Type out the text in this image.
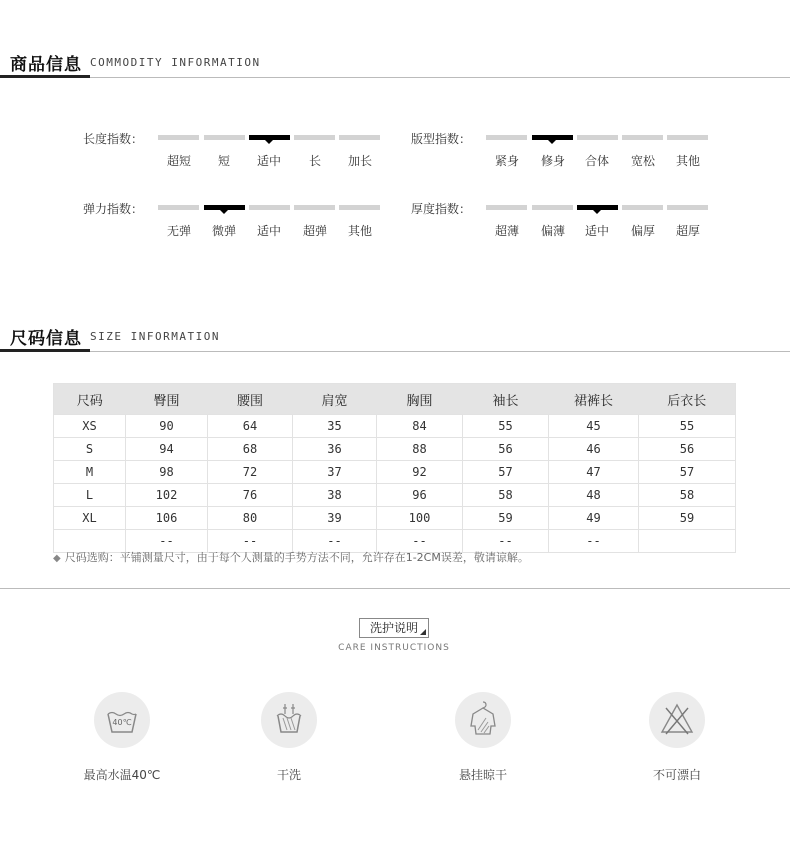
商品信息 COMMODITY INFORMATION
长度指数：
超短	短	适中	长	加长
版型指数：
紧身	修身	合体	宽松	其他
弹力指数：
无弹	微弹	适中	超弹	其他
厚度指数：
超薄	偏薄	适中	偏厚	超厚
尺码信息 SIZE INFORMATION
尺码	臀围	腰围	肩宽	胸围	袖长	裙裤长	后衣长
XS	90	64	35	84	55	45	55
S	94	68	36	88	56	46	56
M	98	72	37	92	57	47	57
L	102	76	38	96	58	48	58
XL	106	80	39	100	59	49	59
	--	--	--	--	--	--	
◆ 尺码选购：平铺测量尺寸，由于每个人测量的手势方法不同，允许存在1-2CM误差，敬请谅解。
洗护说明
CARE INSTRUCTIONS
40℃
最高水温40℃	干洗	悬挂晾干	不可漂白
